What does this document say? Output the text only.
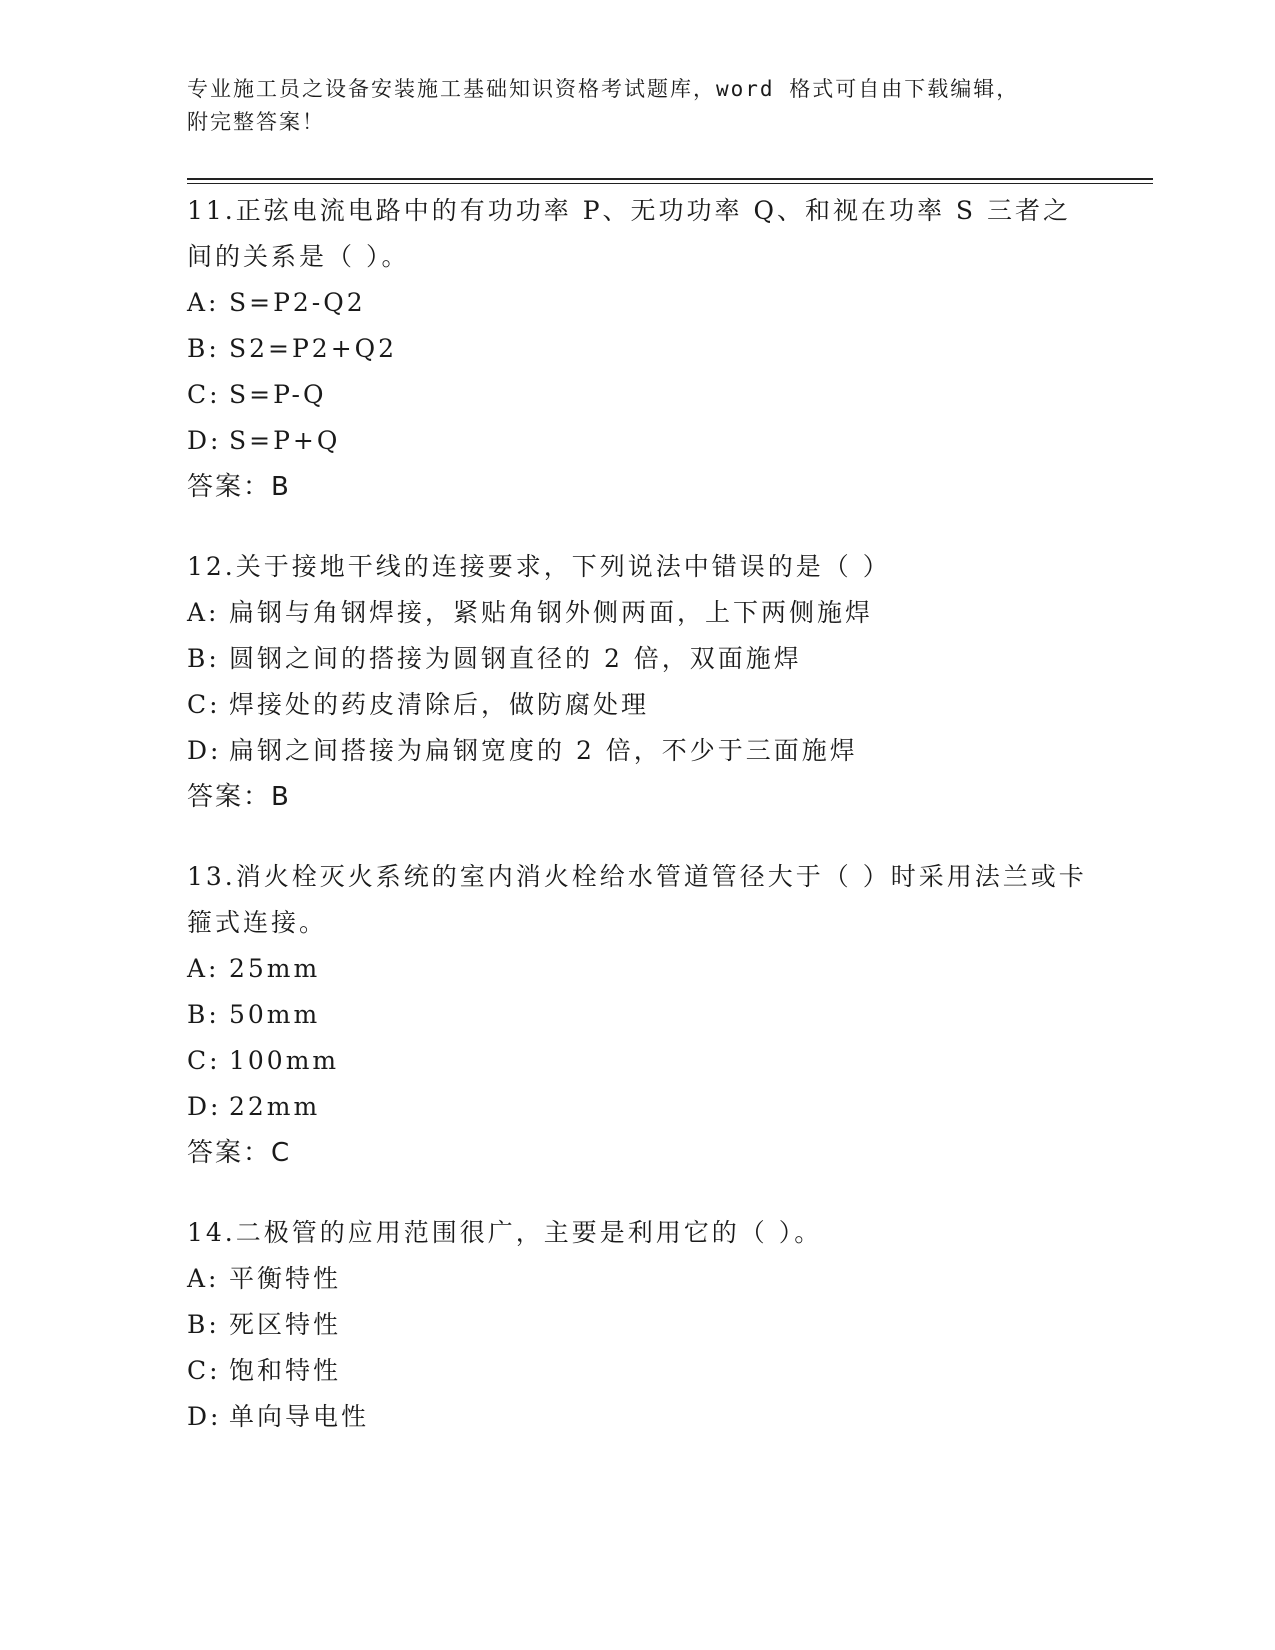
专业施工员之设备安装施工基础知识资格考试题库，word 格式可自由下载编辑，
附完整答案！

11.正弦电流电路中的有功功率 P、无功功率 Q、和视在功率 S 三者之间的关系是（ ）。

A: S=P2-Q2

B: S2=P2+Q2

C: S=P-Q

D: S=P+Q

答案：B

12.关于接地干线的连接要求，下列说法中错误的是（ ）

A: 扁钢与角钢焊接，紧贴角钢外侧两面，上下两侧施焊

B: 圆钢之间的搭接为圆钢直径的 2 倍，双面施焊

C: 焊接处的药皮清除后，做防腐处理

D: 扁钢之间搭接为扁钢宽度的 2 倍，不少于三面施焊

答案：B

13.消火栓灭火系统的室内消火栓给水管道管径大于（ ）时采用法兰或卡箍式连接。

A: 25mm

B: 50mm

C: 100mm

D: 22mm

答案：C

14.二极管的应用范围很广，主要是利用它的（ ）。

A: 平衡特性

B: 死区特性

C: 饱和特性

D: 单向导电性
